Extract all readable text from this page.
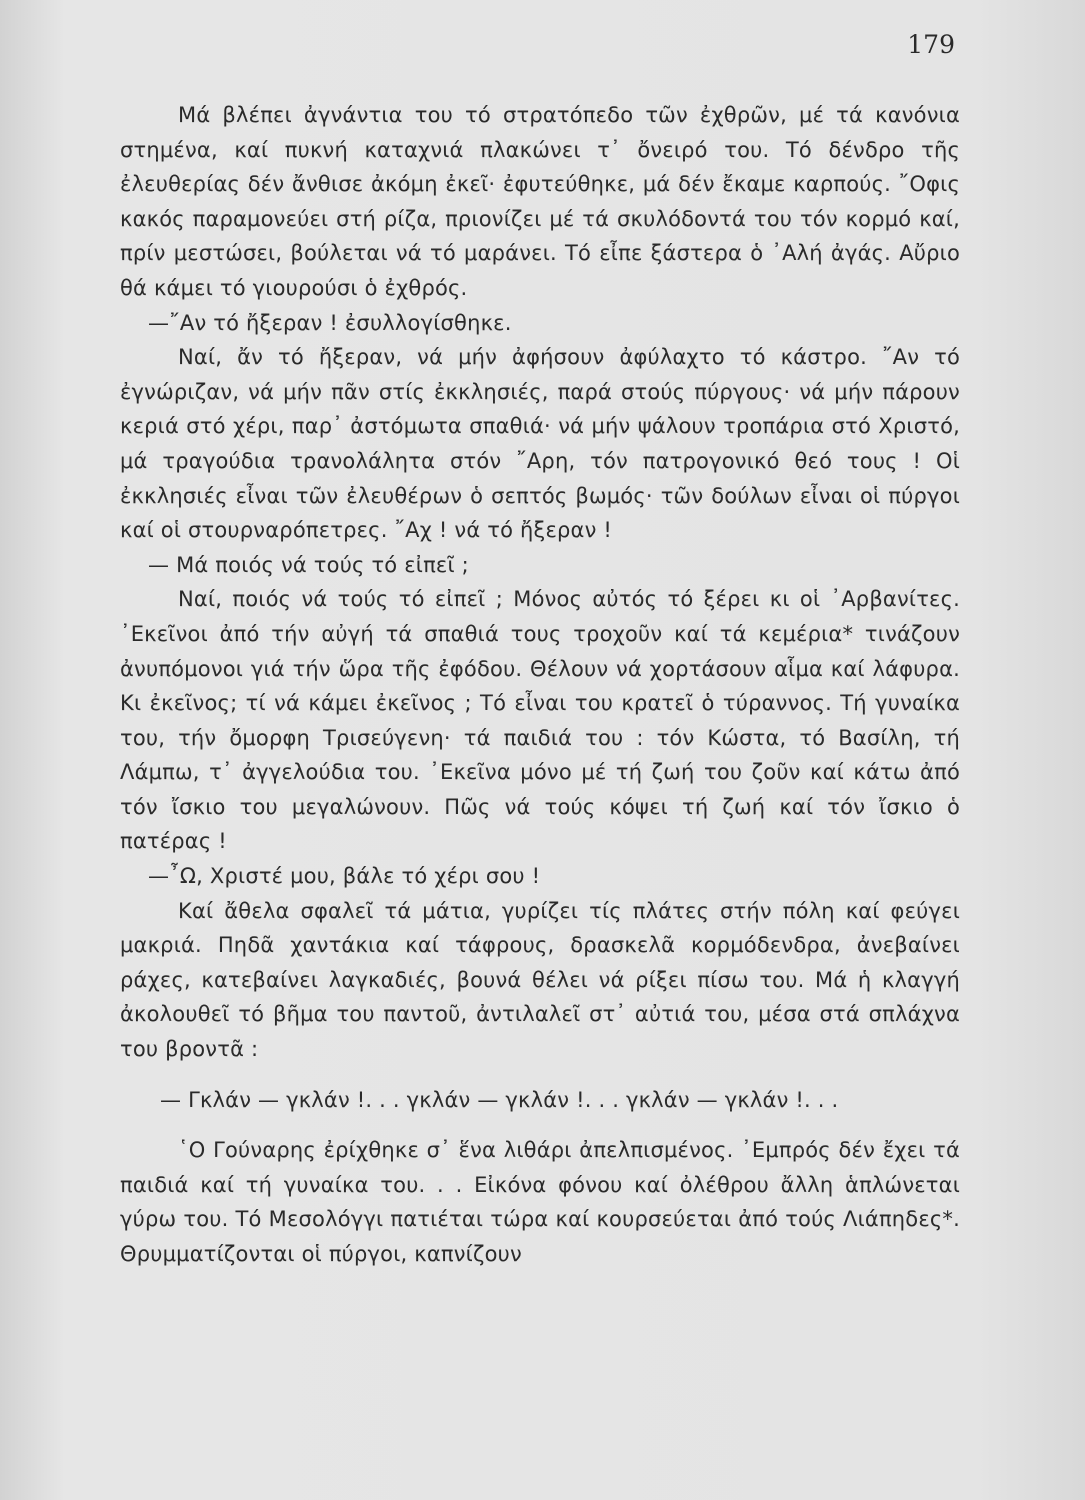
179

Μά βλέπει ἀγνάντια του τό στρατόπεδο τῶν ἐχθρῶν, μέ τά κανόνια στημένα, καί πυκνή καταχνιά πλακώνει τ᾽ ὄνειρό του. Τό δένδρο τῆς ἐλευθερίας δέν ἄνθισε ἀκόμη ἐκεῖ· ἐφυτεύθηκε, μά δέν ἔκαμε καρπούς. ῎Οφις κακός παραμονεύει στή ρίζα, πριονίζει μέ τά σκυλόδοντά του τόν κορμό καί, πρίν μεστώσει, βούλεται νά τό μαράνει. Τό εἶπε ξάστερα ὁ ᾽Αλή ἀγάς. Αὔριο θά κάμει τό γιουρούσι ὁ ἐχθρός.

—῎Αν τό ἤξεραν ! ἐσυλλογίσθηκε.

Ναί, ἄν τό ἤξεραν, νά μήν ἀφήσουν ἀφύλαχτο τό κάστρο. ῎Αν τό ἐγνώριζαν, νά μήν πᾶν στίς ἐκκλησιές, παρά στούς πύργους· νά μήν πάρουν κεριά στό χέρι, παρ᾽ ἀστόμωτα σπαθιά· νά μήν ψάλουν τροπάρια στό Χριστό, μά τραγούδια τρανολάλητα στόν ῎Αρη, τόν πατρογονικό θεό τους ! Οἱ ἐκκλησιές εἶναι τῶν ἐλευθέρων ὁ σεπτός βωμός· τῶν δούλων εἶναι οἱ πύργοι καί οἱ στουρναρόπετρες. ῎Αχ ! νά τό ἤξεραν !

— Μά ποιός νά τούς τό εἰπεῖ ;

Ναί, ποιός νά τούς τό εἰπεῖ ; Μόνος αὐτός τό ξέρει κι οἱ ᾽Αρβανίτες. ᾽Εκεῖνοι ἀπό τήν αὐγή τά σπαθιά τους τροχοῦν καί τά κεμέρια* τινάζουν ἀνυπόμονοι γιά τήν ὥρα τῆς ἐφόδου. Θέλουν νά χορτάσουν αἷμα καί λάφυρα. Κι ἐκεῖνος; τί νά κάμει ἐκεῖνος ; Τό εἶναι του κρατεῖ ὁ τύραννος. Τή γυναίκα του, τήν ὄμορφη Τρισεύγενη· τά παιδιά του : τόν Κώστα, τό Βασίλη, τή Λάμπω, τ᾽ ἀγγελούδια του. ᾽Εκεῖνα μόνο μέ τή ζωή του ζοῦν καί κάτω ἀπό τόν ἴσκιο του μεγαλώνουν. Πῶς νά τούς κόψει τή ζωή καί τόν ἴσκιο ὁ πατέρας !

—῏Ω, Χριστέ μου, βάλε τό χέρι σου !

Καί ἄθελα σφαλεῖ τά μάτια, γυρίζει τίς πλάτες στήν πόλη καί φεύγει μακριά. Πηδᾶ χαντάκια καί τάφρους, δρασκελᾶ κορμόδενδρα, ἀνεβαίνει ράχες, κατεβαίνει λαγκαδιές, βουνά θέλει νά ρίξει πίσω του. Μά ἡ κλαγγή ἀκολουθεῖ τό βῆμα του παντοῦ, ἀντιλαλεῖ στ᾽ αὐτιά του, μέσα στά σπλάχνα του βροντᾶ :

— Γκλάν — γκλάν !. . . γκλάν — γκλάν !. . . γκλάν — γκλάν !. . .

῾Ο Γούναρης ἐρίχθηκε σ᾽ ἕνα λιθάρι ἀπελπισμένος. ᾽Εμπρός δέν ἔχει τά παιδιά καί τή γυναίκα του. . . Εἰκόνα φόνου καί ὀλέθρου ἄλλη ἁπλώνεται γύρω του. Τό Μεσολόγγι πατιέται τώρα καί κουρσεύεται ἀπό τούς Λιάπηδες*. Θρυμματίζονται οἱ πύργοι, καπνίζουν
